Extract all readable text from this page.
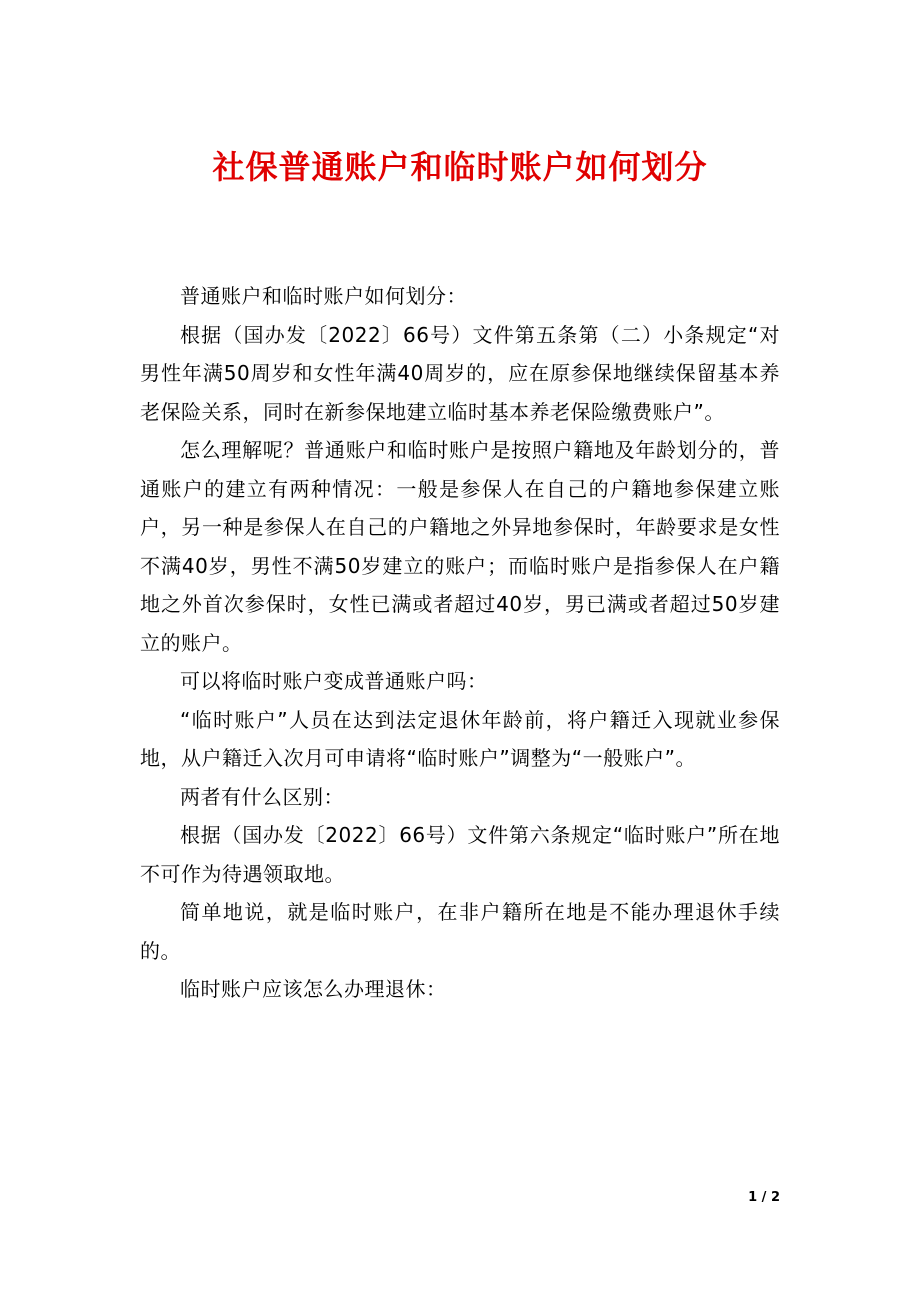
社保普通账户和临时账户如何划分

普通账户和临时账户如何划分：

根据（国办发〔2022〕66号）文件第五条第（二）小条规定“对男性年满50周岁和女性年满40周岁的，应在原参保地继续保留基本养老保险关系，同时在新参保地建立临时基本养老保险缴费账户”。

怎么理解呢？普通账户和临时账户是按照户籍地及年龄划分的，普通账户的建立有两种情况：一般是参保人在自己的户籍地参保建立账户，另一种是参保人在自己的户籍地之外异地参保时，年龄要求是女性不满40岁，男性不满50岁建立的账户；而临时账户是指参保人在户籍地之外首次参保时，女性已满或者超过40岁，男已满或者超过50岁建立的账户。

可以将临时账户变成普通账户吗：

“临时账户”人员在达到法定退休年龄前，将户籍迁入现就业参保地，从户籍迁入次月可申请将“临时账户”调整为“一般账户”。

两者有什么区别：

根据（国办发〔2022〕66号）文件第六条规定“临时账户”所在地不可作为待遇领取地。

简单地说，就是临时账户，在非户籍所在地是不能办理退休手续的。

临时账户应该怎么办理退休：

1 / 2
